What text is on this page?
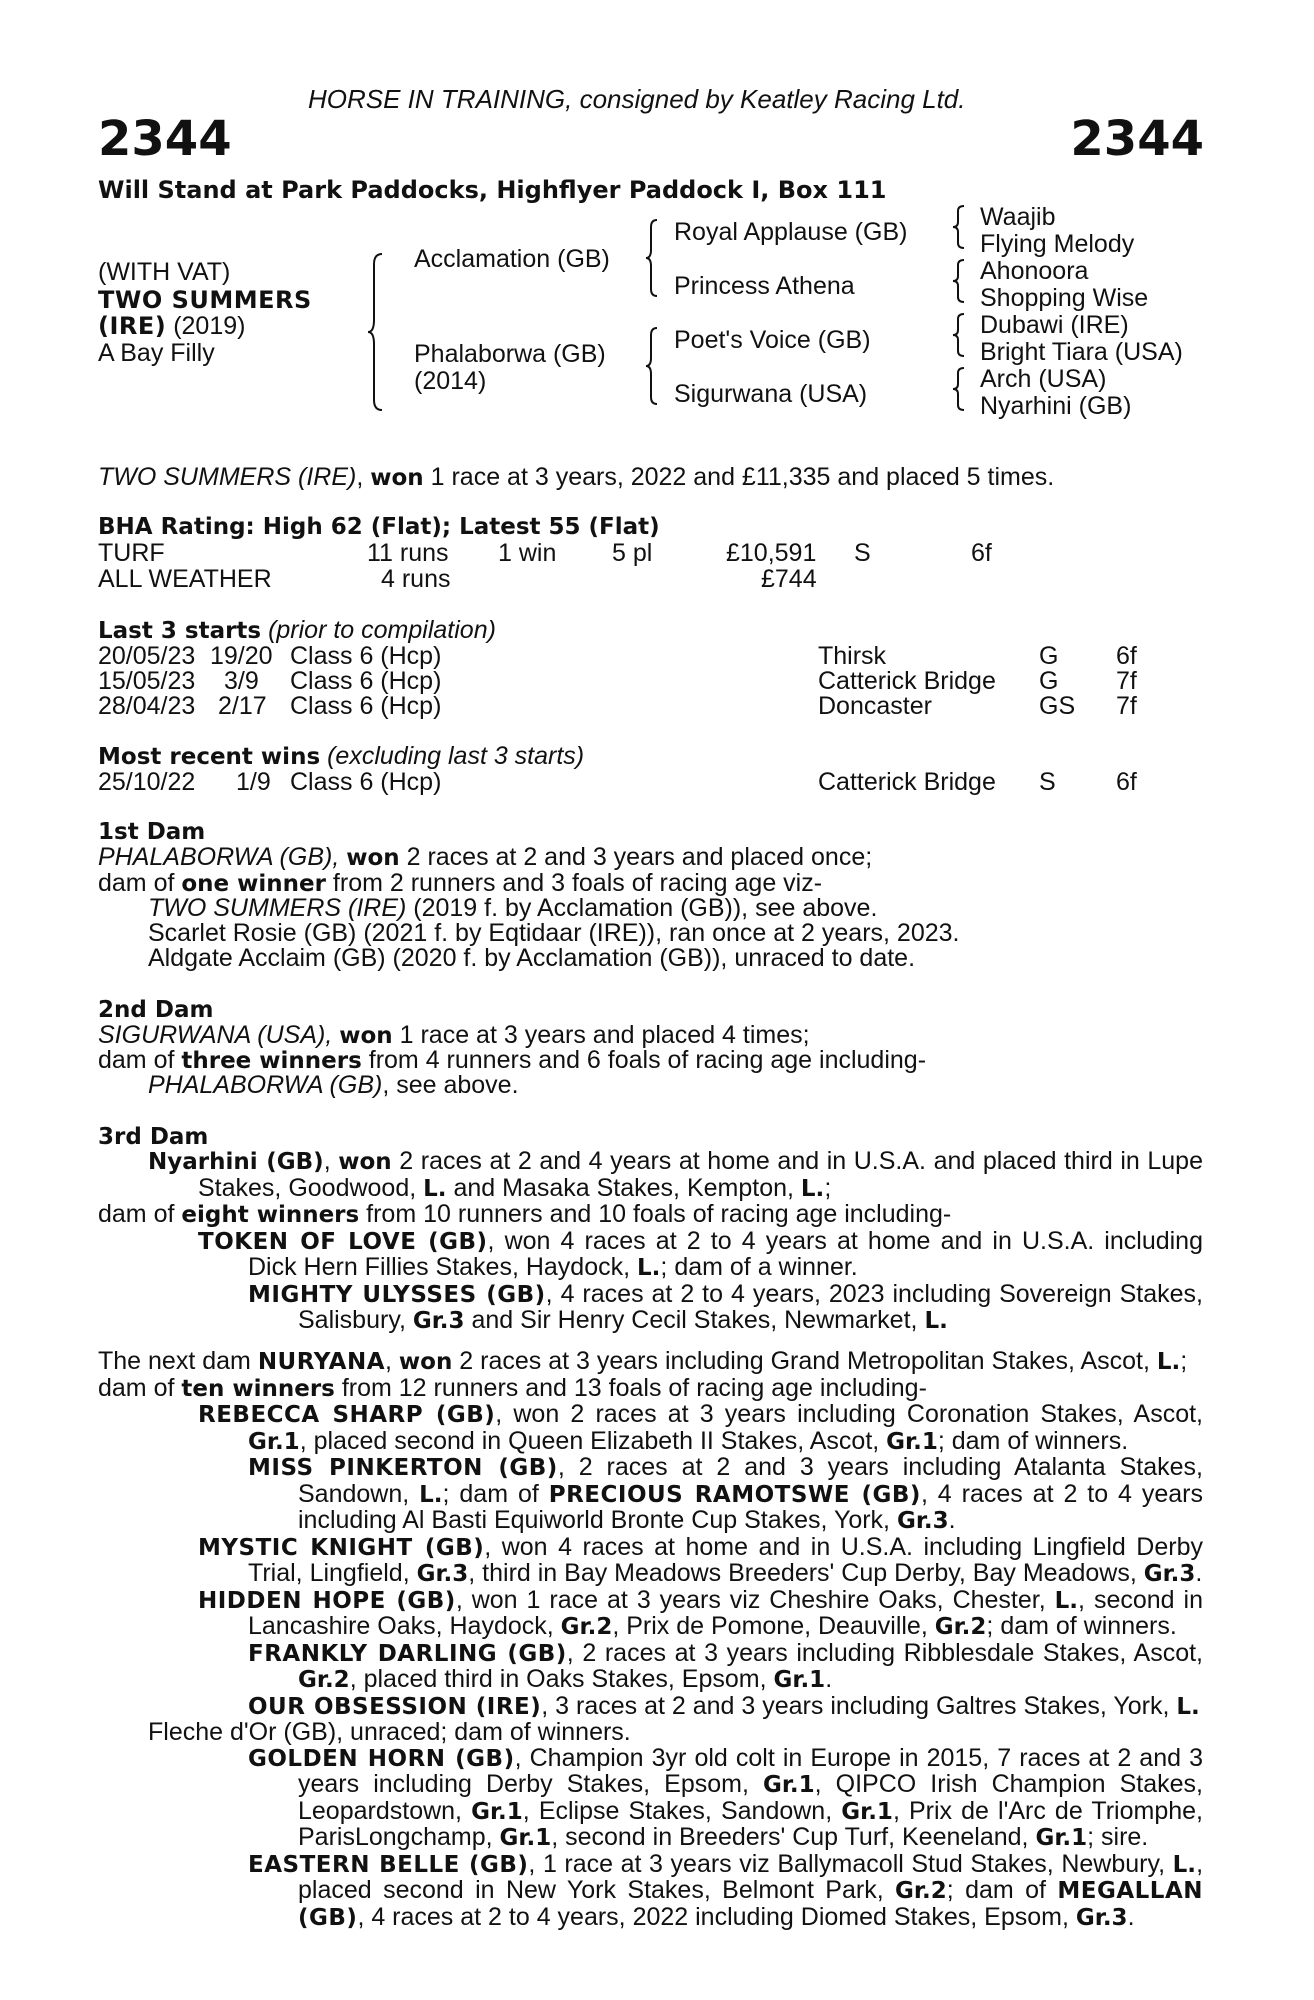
HORSE IN TRAINING, consigned by Keatley Racing Ltd.
2344	2344
Will Stand at Park Paddocks, Highflyer Paddock I, Box 111
(WITH VAT)
TWO SUMMERS
(IRE) (2019)
A Bay Filly
Acclamation (GB)
Phalaborwa (GB)
(2014)
Royal Applause (GB)
Princess Athena
Poet's Voice (GB)
Sigurwana (USA)
Waajib
Flying Melody
Ahonoora
Shopping Wise
Dubawi (IRE)
Bright Tiara (USA)
Arch (USA)
Nyarhini (GB)
TWO SUMMERS (IRE), won 1 race at 3 years, 2022 and £11,335 and placed 5 times.
BHA Rating: High 62 (Flat); Latest 55 (Flat)
TURF	11 runs 1 win 5 pl	£10,591 S	6f
ALL WEATHER	4 runs	£744
Last 3 starts (prior to compilation)
20/05/23 19/20 Class 6 (Hcp)	Thirsk	G 6f
15/05/23 3/9 Class 6 (Hcp)	Catterick Bridge G 7f
28/04/23 2/17 Class 6 (Hcp)	Doncaster	GS 7f
Most recent wins (excluding last 3 starts)
25/10/22 1/9 Class 6 (Hcp)	Catterick Bridge S 6f
1st Dam
PHALABORWA (GB), won 2 races at 2 and 3 years and placed once;
dam of one winner from 2 runners and 3 foals of racing age viz-
TWO SUMMERS (IRE) (2019 f. by Acclamation (GB)), see above.
Scarlet Rosie (GB) (2021 f. by Eqtidaar (IRE)), ran once at 2 years, 2023.
Aldgate Acclaim (GB) (2020 f. by Acclamation (GB)), unraced to date.
2nd Dam
SIGURWANA (USA), won 1 race at 3 years and placed 4 times;
dam of three winners from 4 runners and 6 foals of racing age including-
PHALABORWA (GB), see above.
3rd Dam

Nyarhini (GB), won 2 races at 2 and 4 years at home and in U.S.A. and placed third in Lupe Stakes, Goodwood, L. and Masaka Stakes, Kempton, L.;

dam of eight winners from 10 runners and 10 foals of racing age including-

TOKEN OF LOVE (GB), won 4 races at 2 to 4 years at home and in U.S.A. including Dick Hern Fillies Stakes, Haydock, L.; dam of a winner.

MIGHTY ULYSSES (GB), 4 races at 2 to 4 years, 2023 including Sovereign Stakes, Salisbury, Gr.3 and Sir Henry Cecil Stakes, Newmarket, L.

The next dam NURYANA, won 2 races at 3 years including Grand Metropolitan Stakes, Ascot, L.;

dam of ten winners from 12 runners and 13 foals of racing age including-

REBECCA SHARP (GB), won 2 races at 3 years including Coronation Stakes, Ascot, Gr.1, placed second in Queen Elizabeth II Stakes, Ascot, Gr.1; dam of winners.

MISS PINKERTON (GB), 2 races at 2 and 3 years including Atalanta Stakes, Sandown, L.; dam of PRECIOUS RAMOTSWE (GB), 4 races at 2 to 4 years including Al Basti Equiworld Bronte Cup Stakes, York, Gr.3.

MYSTIC KNIGHT (GB), won 4 races at home and in U.S.A. including Lingfield Derby Trial, Lingfield, Gr.3, third in Bay Meadows Breeders' Cup Derby, Bay Meadows, Gr.3.

HIDDEN HOPE (GB), won 1 race at 3 years viz Cheshire Oaks, Chester, L., second in Lancashire Oaks, Haydock, Gr.2, Prix de Pomone, Deauville, Gr.2; dam of winners.

FRANKLY DARLING (GB), 2 races at 3 years including Ribblesdale Stakes, Ascot, Gr.2, placed third in Oaks Stakes, Epsom, Gr.1.

OUR OBSESSION (IRE), 3 races at 2 and 3 years including Galtres Stakes, York, L.

Fleche d'Or (GB), unraced; dam of winners.

GOLDEN HORN (GB), Champion 3yr old colt in Europe in 2015, 7 races at 2 and 3 years including Derby Stakes, Epsom, Gr.1, QIPCO Irish Champion Stakes, Leopardstown, Gr.1, Eclipse Stakes, Sandown, Gr.1, Prix de l'Arc de Triomphe, ParisLongchamp, Gr.1, second in Breeders' Cup Turf, Keeneland, Gr.1; sire.

EASTERN BELLE (GB), 1 race at 3 years viz Ballymacoll Stud Stakes, Newbury, L., placed second in New York Stakes, Belmont Park, Gr.2; dam of MEGALLAN (GB), 4 races at 2 to 4 years, 2022 including Diomed Stakes, Epsom, Gr.3.
